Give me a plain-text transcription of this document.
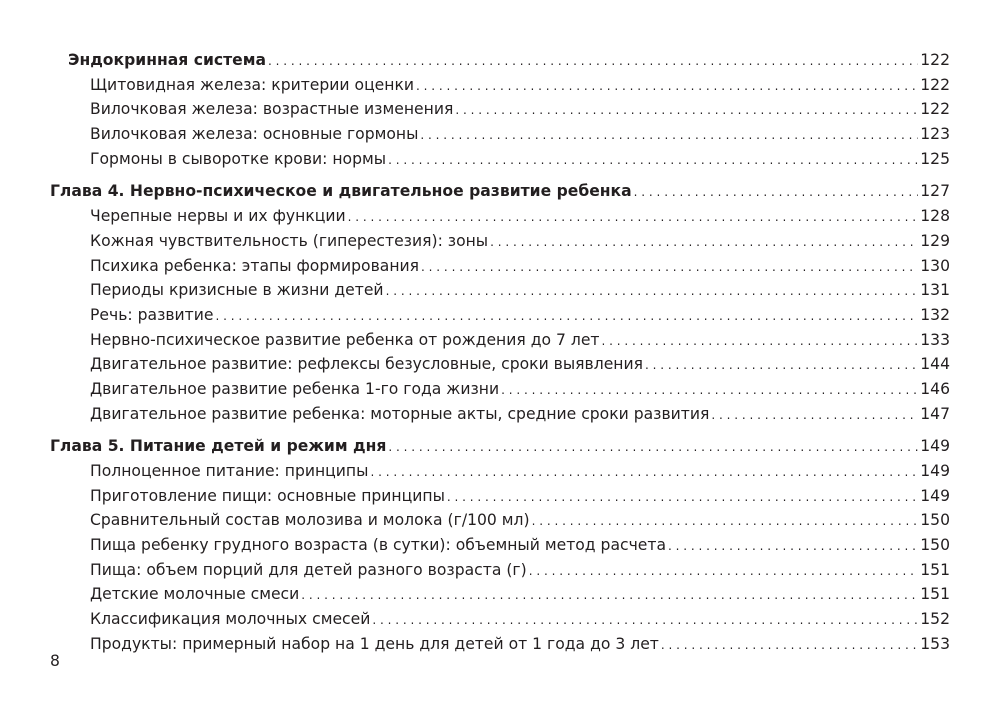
Эндокринная система . . .	122
Щитовидная железа: критерии оценки . . .	122
Вилочковая железа: возрастные изменения . . .	122
Вилочковая железа: основные гормоны . . .	123
Гормоны в сыворотке крови: нормы . . .	125
Глава 4. Нервно-психическое и двигательное развитие ребенка . . .	127
Черепные нервы и их функции . . .	128
Кожная чувствительность (гиперестезия): зоны . . .	129
Психика ребенка: этапы формирования . . .	130
Периоды кризисные в жизни детей . . .	131
Речь: развитие . . .	132
Нервно-психическое развитие ребенка от рождения до 7 лет . . .	133
Двигательное развитие: рефлексы безусловные, сроки выявления . . .	144
Двигательное развитие ребенка 1-го года жизни . . .	146
Двигательное развитие ребенка: моторные акты, средние сроки развития . . .	147
Глава 5. Питание детей и режим дня . . .	149
Полноценное питание: принципы . . .	149
Приготовление пищи: основные принципы . . .	149
Сравнительный состав молозива и молока (г/100 мл) . . .	150
Пища ребенку грудного возраста (в сутки): объемный метод расчета . . .	150
Пища: объем порций для детей разного возраста (г) . . .	151
Детские молочные смеси . . .	151
Классификация молочных смесей . . .	152
Продукты: примерный набор на 1 день для детей от 1 года до 3 лет . . .	153
8
